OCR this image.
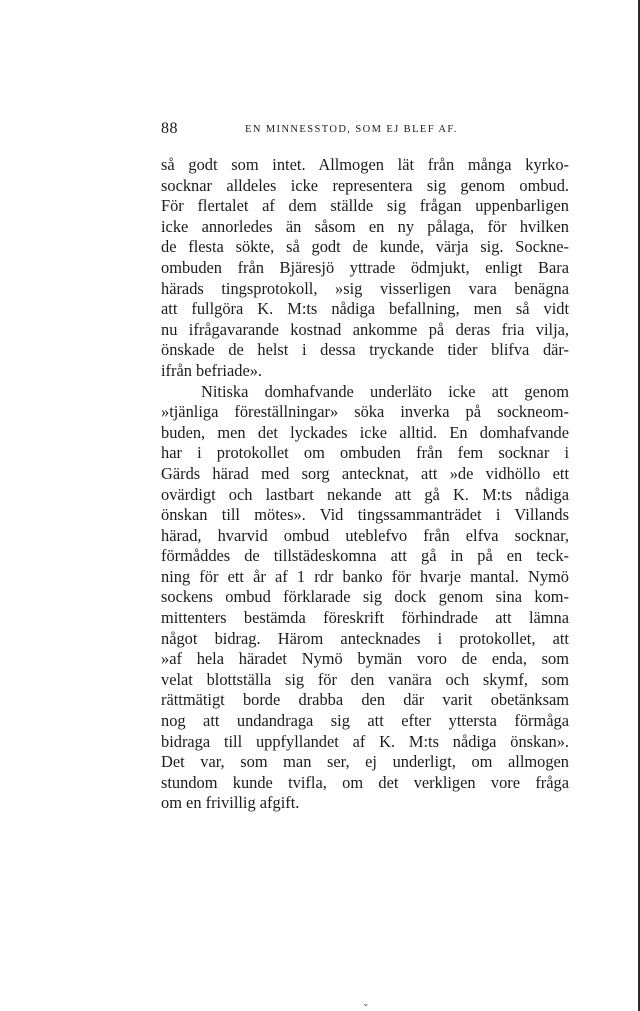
88	EN MINNESSTOD, SOM EJ BLEF AF.
så godt som intet. Allmogen lät från många kyrko-
socknar alldeles icke representera sig genom ombud.
För flertalet af dem ställde sig frågan uppenbarligen
icke annorledes än såsom en ny pålaga, för hvilken
de flesta sökte, så godt de kunde, värja sig. Sockne-
ombuden från Bjäresjö yttrade ödmjukt, enligt Bara
härads tingsprotokoll, »sig visserligen vara benägna
att fullgöra K. M:ts nådiga befallning, men så vidt
nu ifrågavarande kostnad ankomme på deras fria vilja,
önskade de helst i dessa tryckande tider blifva där-
ifrån befriade».
Nitiska domhafvande underläto icke att genom
»tjänliga föreställningar» söka inverka på sockneom-
buden, men det lyckades icke alltid. En domhafvande
har i protokollet om ombuden från fem socknar i
Gärds härad med sorg antecknat, att »de vidhöllo ett
ovärdigt och lastbart nekande att gå K. M:ts nådiga
önskan till mötes». Vid tingssammanträdet i Villands
härad, hvarvid ombud uteblefvo från elfva socknar,
förmåddes de tillstädeskomna att gå in på en teck-
ning för ett år af 1 rdr banko för hvarje mantal. Nymö
sockens ombud förklarade sig dock genom sina kom-
mittenters bestämda föreskrift förhindrade att lämna
något bidrag. Härom antecknades i protokollet, att
»af hela häradet Nymö bymän voro de enda, som
velat blottställa sig för den vanära och skymf, som
rättmätigt borde drabba den där varit obetänksam
nog att undandraga sig att efter yttersta förmåga
bidraga till uppfyllandet af K. M:ts nådiga önskan».
Det var, som man ser, ej underligt, om allmogen
stundom kunde tvifla, om det verkligen vore fråga
om en frivillig afgift.
⌄
